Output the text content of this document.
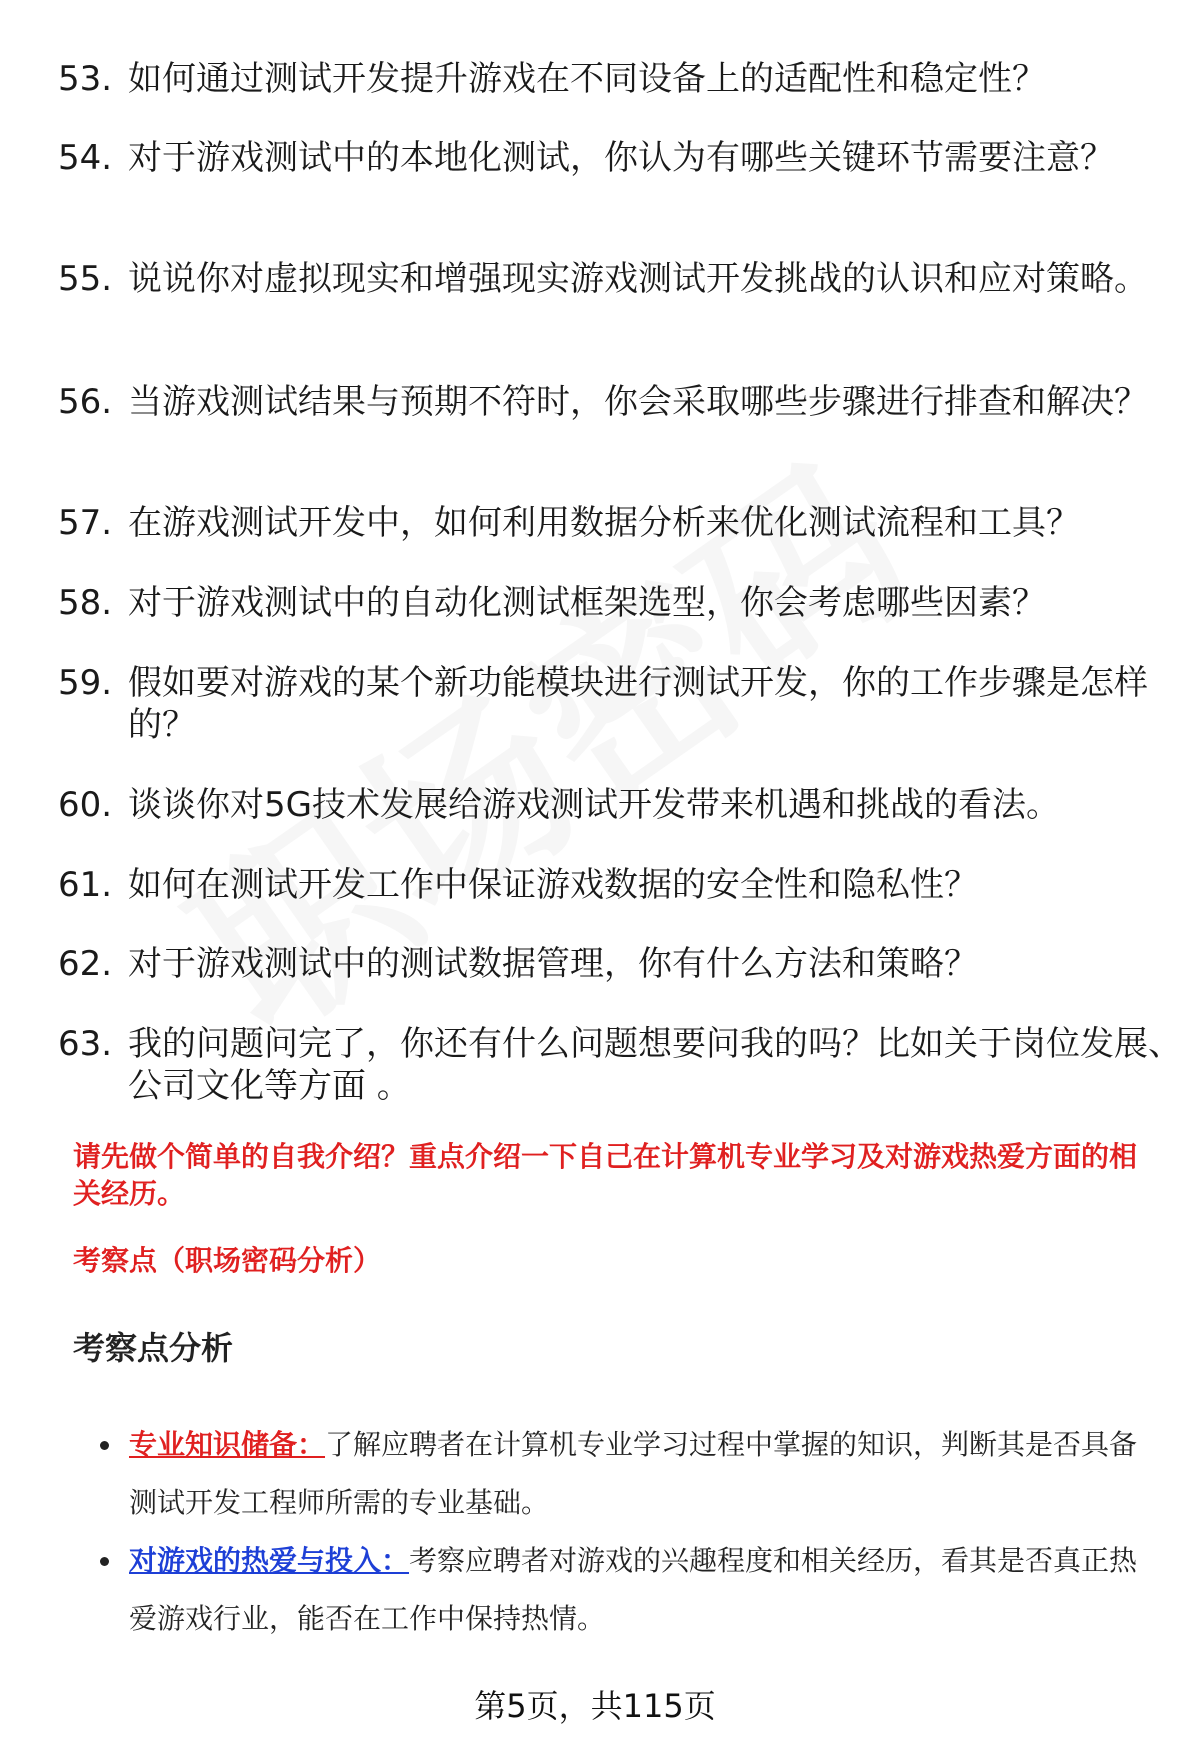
53. 如何通过测试开发提升游戏在不同设备上的适配性和稳定性？
54. 对于游戏测试中的本地化测试，你认为有哪些关键环节需要注意？
55. 说说你对虚拟现实和增强现实游戏测试开发挑战的认识和应对策略。
56. 当游戏测试结果与预期不符时，你会采取哪些步骤进行排查和解决？
57. 在游戏测试开发中，如何利用数据分析来优化测试流程和工具？
58. 对于游戏测试中的自动化测试框架选型，你会考虑哪些因素？
59. 假如要对游戏的某个新功能模块进行测试开发，你的工作步骤是怎样的？
60. 谈谈你对5G技术发展给游戏测试开发带来机遇和挑战的看法。
61. 如何在测试开发工作中保证游戏数据的安全性和隐私性？
62. 对于游戏测试中的测试数据管理，你有什么方法和策略？
63. 我的问题问完了，你还有什么问题想要问我的吗？比如关于岗位发展、公司文化等方面 。
请先做个简单的自我介绍？重点介绍一下自己在计算机专业学习及对游戏热爱方面的相关经历。
考察点（职场密码分析）
考察点分析
专业知识储备：了解应聘者在计算机专业学习过程中掌握的知识，判断其是否具备测试开发工程师所需的专业基础。
对游戏的热爱与投入：考察应聘者对游戏的兴趣程度和相关经历，看其是否真正热爱游戏行业，能否在工作中保持热情。
第5页，共115页
